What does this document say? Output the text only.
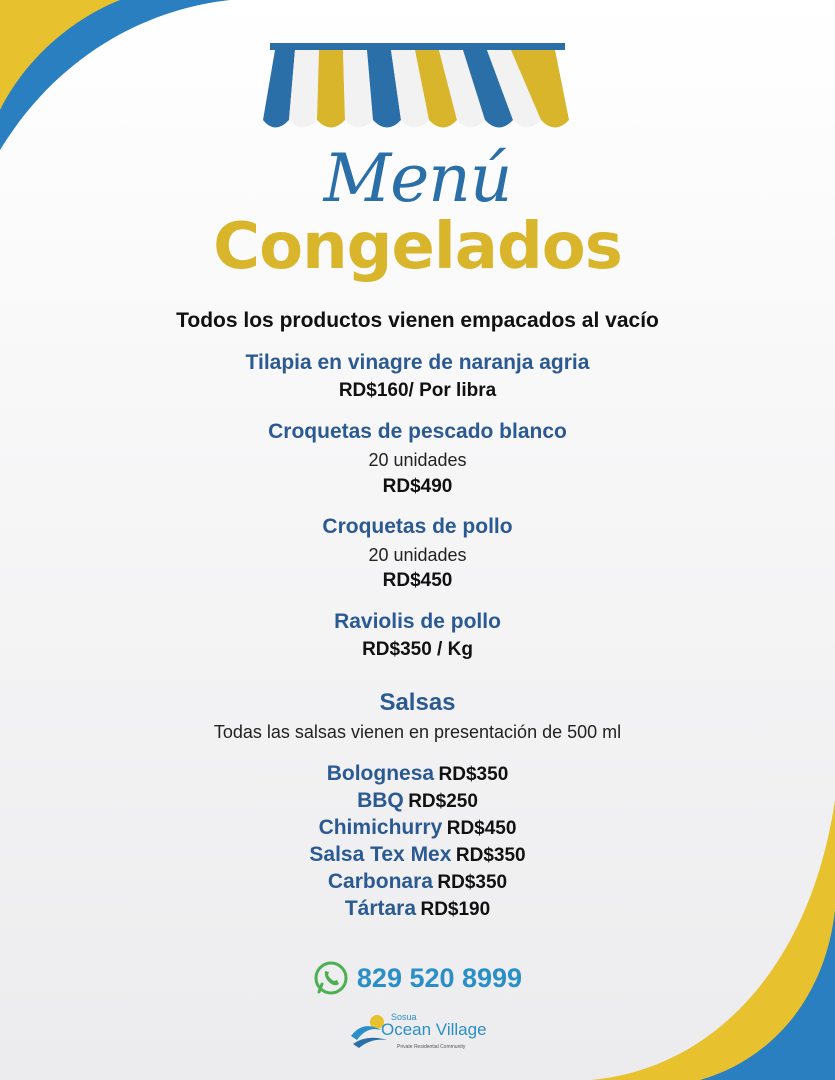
Menú
Congelados
Todos los productos vienen empacados al vacío
Tilapia en vinagre de naranja agria
RD$160/ Por libra
Croquetas de pescado blanco
20 unidades
RD$490
Croquetas de pollo
20 unidades
RD$450
Raviolis de pollo
RD$350 / Kg
Salsas
Todas las salsas vienen en presentación de 500 ml
Bolognesa RD$350
BBQ RD$250
Chimichurry RD$450
Salsa Tex Mex RD$350
Carbonara RD$350
Tártara RD$190
829 520 8999
Sosua
Ocean Village
Private Residential Community
